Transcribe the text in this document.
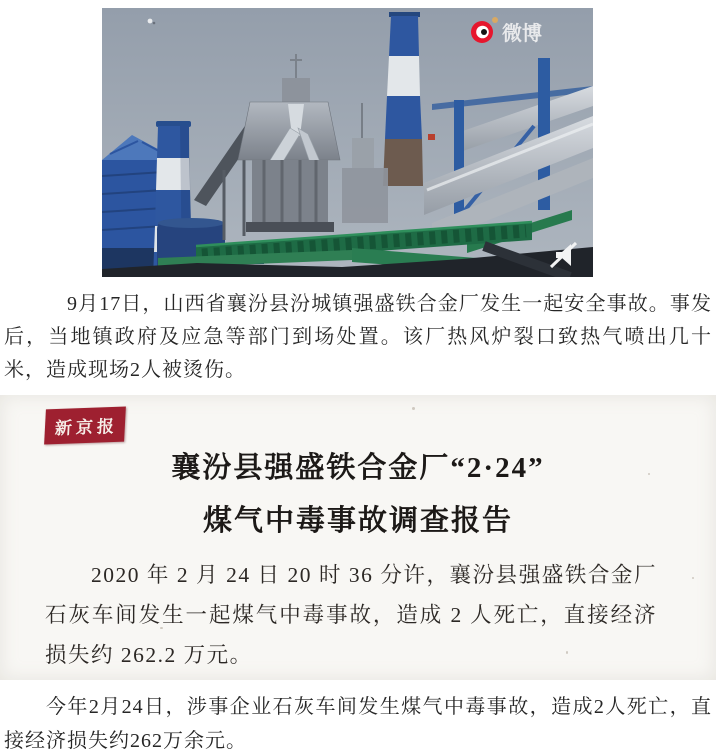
微博

9月17日，山西省襄汾县汾城镇强盛铁合金厂发生一起安全事故。事发后，当地镇政府及应急等部门到场处置。该厂热风炉裂口致热气喷出几十米，造成现场2人被烫伤。

新京报
襄汾县强盛铁合金厂“2·24”
煤气中毒事故调查报告

2020 年 2 月 24 日 20 时 36 分许，襄汾县强盛铁合金厂石灰车间发生一起煤气中毒事故，造成 2 人死亡，直接经济损失约 262.2 万元。

今年2月24日，涉事企业石灰车间发生煤气中毒事故，造成2人死亡，直接经济损失约262万余元。
